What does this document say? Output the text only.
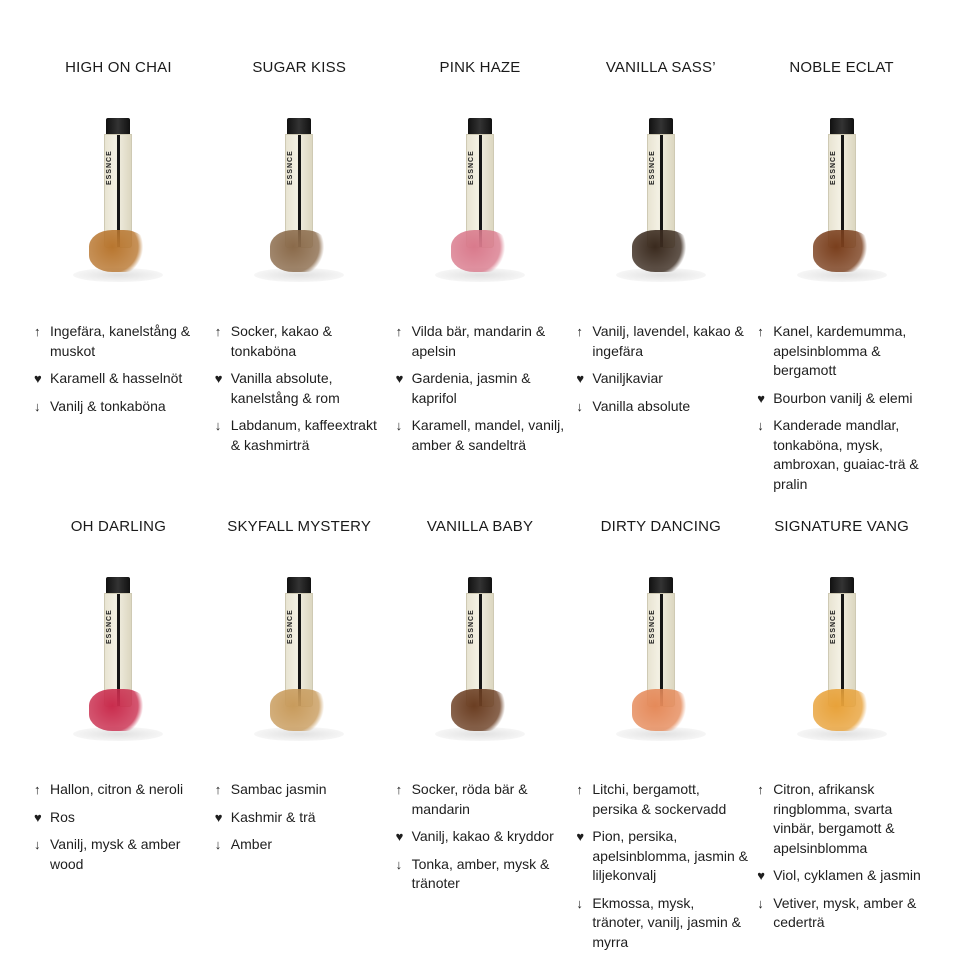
HIGH ON CHAI
ESSNCE
↑ Ingefära, kanelstång & muskot
♥ Karamell & hasselnöt
↓ Vanilj & tonkaböna
SUGAR KISS
ESSNCE
↑ Socker, kakao & tonkaböna
♥ Vanilla absolute, kanelstång & rom
↓ Labdanum, kaffeextrakt & kashmirträ
PINK HAZE
ESSNCE
↑ Vilda bär, mandarin & apelsin
♥ Gardenia, jasmin & kaprifol
↓ Karamell, mandel, vanilj, amber & sandelträ
VANILLA SASS’
ESSNCE
↑ Vanilj, lavendel, kakao & ingefära
♥ Vaniljkaviar
↓ Vanilla absolute
NOBLE ECLAT
ESSNCE
↑ Kanel, kardemumma, apelsinblomma & bergamott
♥ Bourbon vanilj & elemi
↓ Kanderade mandlar, tonkaböna, mysk, ambroxan, guaiac-trä & pralin
OH DARLING
ESSNCE
↑ Hallon, citron & neroli
♥ Ros
↓ Vanilj, mysk & amber wood
SKYFALL MYSTERY
ESSNCE
↑ Sambac jasmin
♥ Kashmir & trä
↓ Amber
VANILLA BABY
ESSNCE
↑ Socker, röda bär & mandarin
♥ Vanilj, kakao & kryddor
↓ Tonka, amber, mysk & tränoter
DIRTY DANCING
ESSNCE
↑ Litchi, bergamott, persika & sockervadd
♥ Pion, persika, apelsinblomma, jasmin & liljekonvalj
↓ Ekmossa, mysk, tränoter, vanilj, jasmin & myrra
SIGNATURE VANG
ESSNCE
↑ Citron, afrikansk ringblomma, svarta vinbär, bergamott & apelsinblomma
♥ Viol, cyklamen & jasmin
↓ Vetiver, mysk, amber & cederträ
